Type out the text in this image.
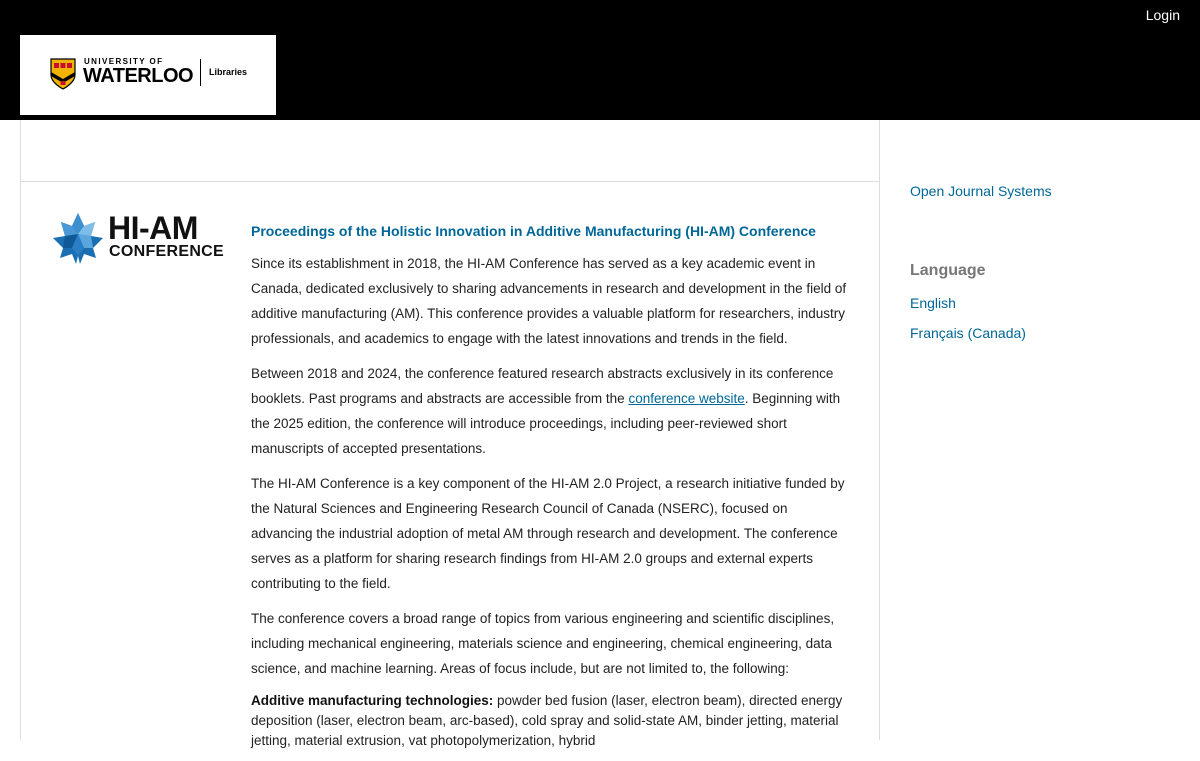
Login
UNIVERSITY OF
WATERLOO Libraries
HI-AM
CONFERENCE
Proceedings of the Holistic Innovation in Additive Manufacturing (HI-AM) Conference

Since its establishment in 2018, the HI-AM Conference has served as a key academic event in Canada, dedicated exclusively to sharing advancements in research and development in the field of additive manufacturing (AM). This conference provides a valuable platform for researchers, industry professionals, and academics to engage with the latest innovations and trends in the field.

Between 2018 and 2024, the conference featured research abstracts exclusively in its conference booklets. Past programs and abstracts are accessible from the conference website. Beginning with the 2025 edition, the conference will introduce proceedings, including peer-reviewed short manuscripts of accepted presentations.

The HI-AM Conference is a key component of the HI-AM 2.0 Project, a research initiative funded by the Natural Sciences and Engineering Research Council of Canada (NSERC), focused on advancing the industrial adoption of metal AM through research and development. The conference serves as a platform for sharing research findings from HI-AM 2.0 groups and external experts contributing to the field.

The conference covers a broad range of topics from various engineering and scientific disciplines, including mechanical engineering, materials science and engineering, chemical engineering, data science, and machine learning. Areas of focus include, but are not limited to, the following:

Additive manufacturing technologies: powder bed fusion (laser, electron beam), directed energy deposition (laser, electron beam, arc-based), cold spray and solid-state AM, binder jetting, material jetting, material extrusion, vat photopolymerization, hybrid

Open Journal Systems
Language
English
Français (Canada)
